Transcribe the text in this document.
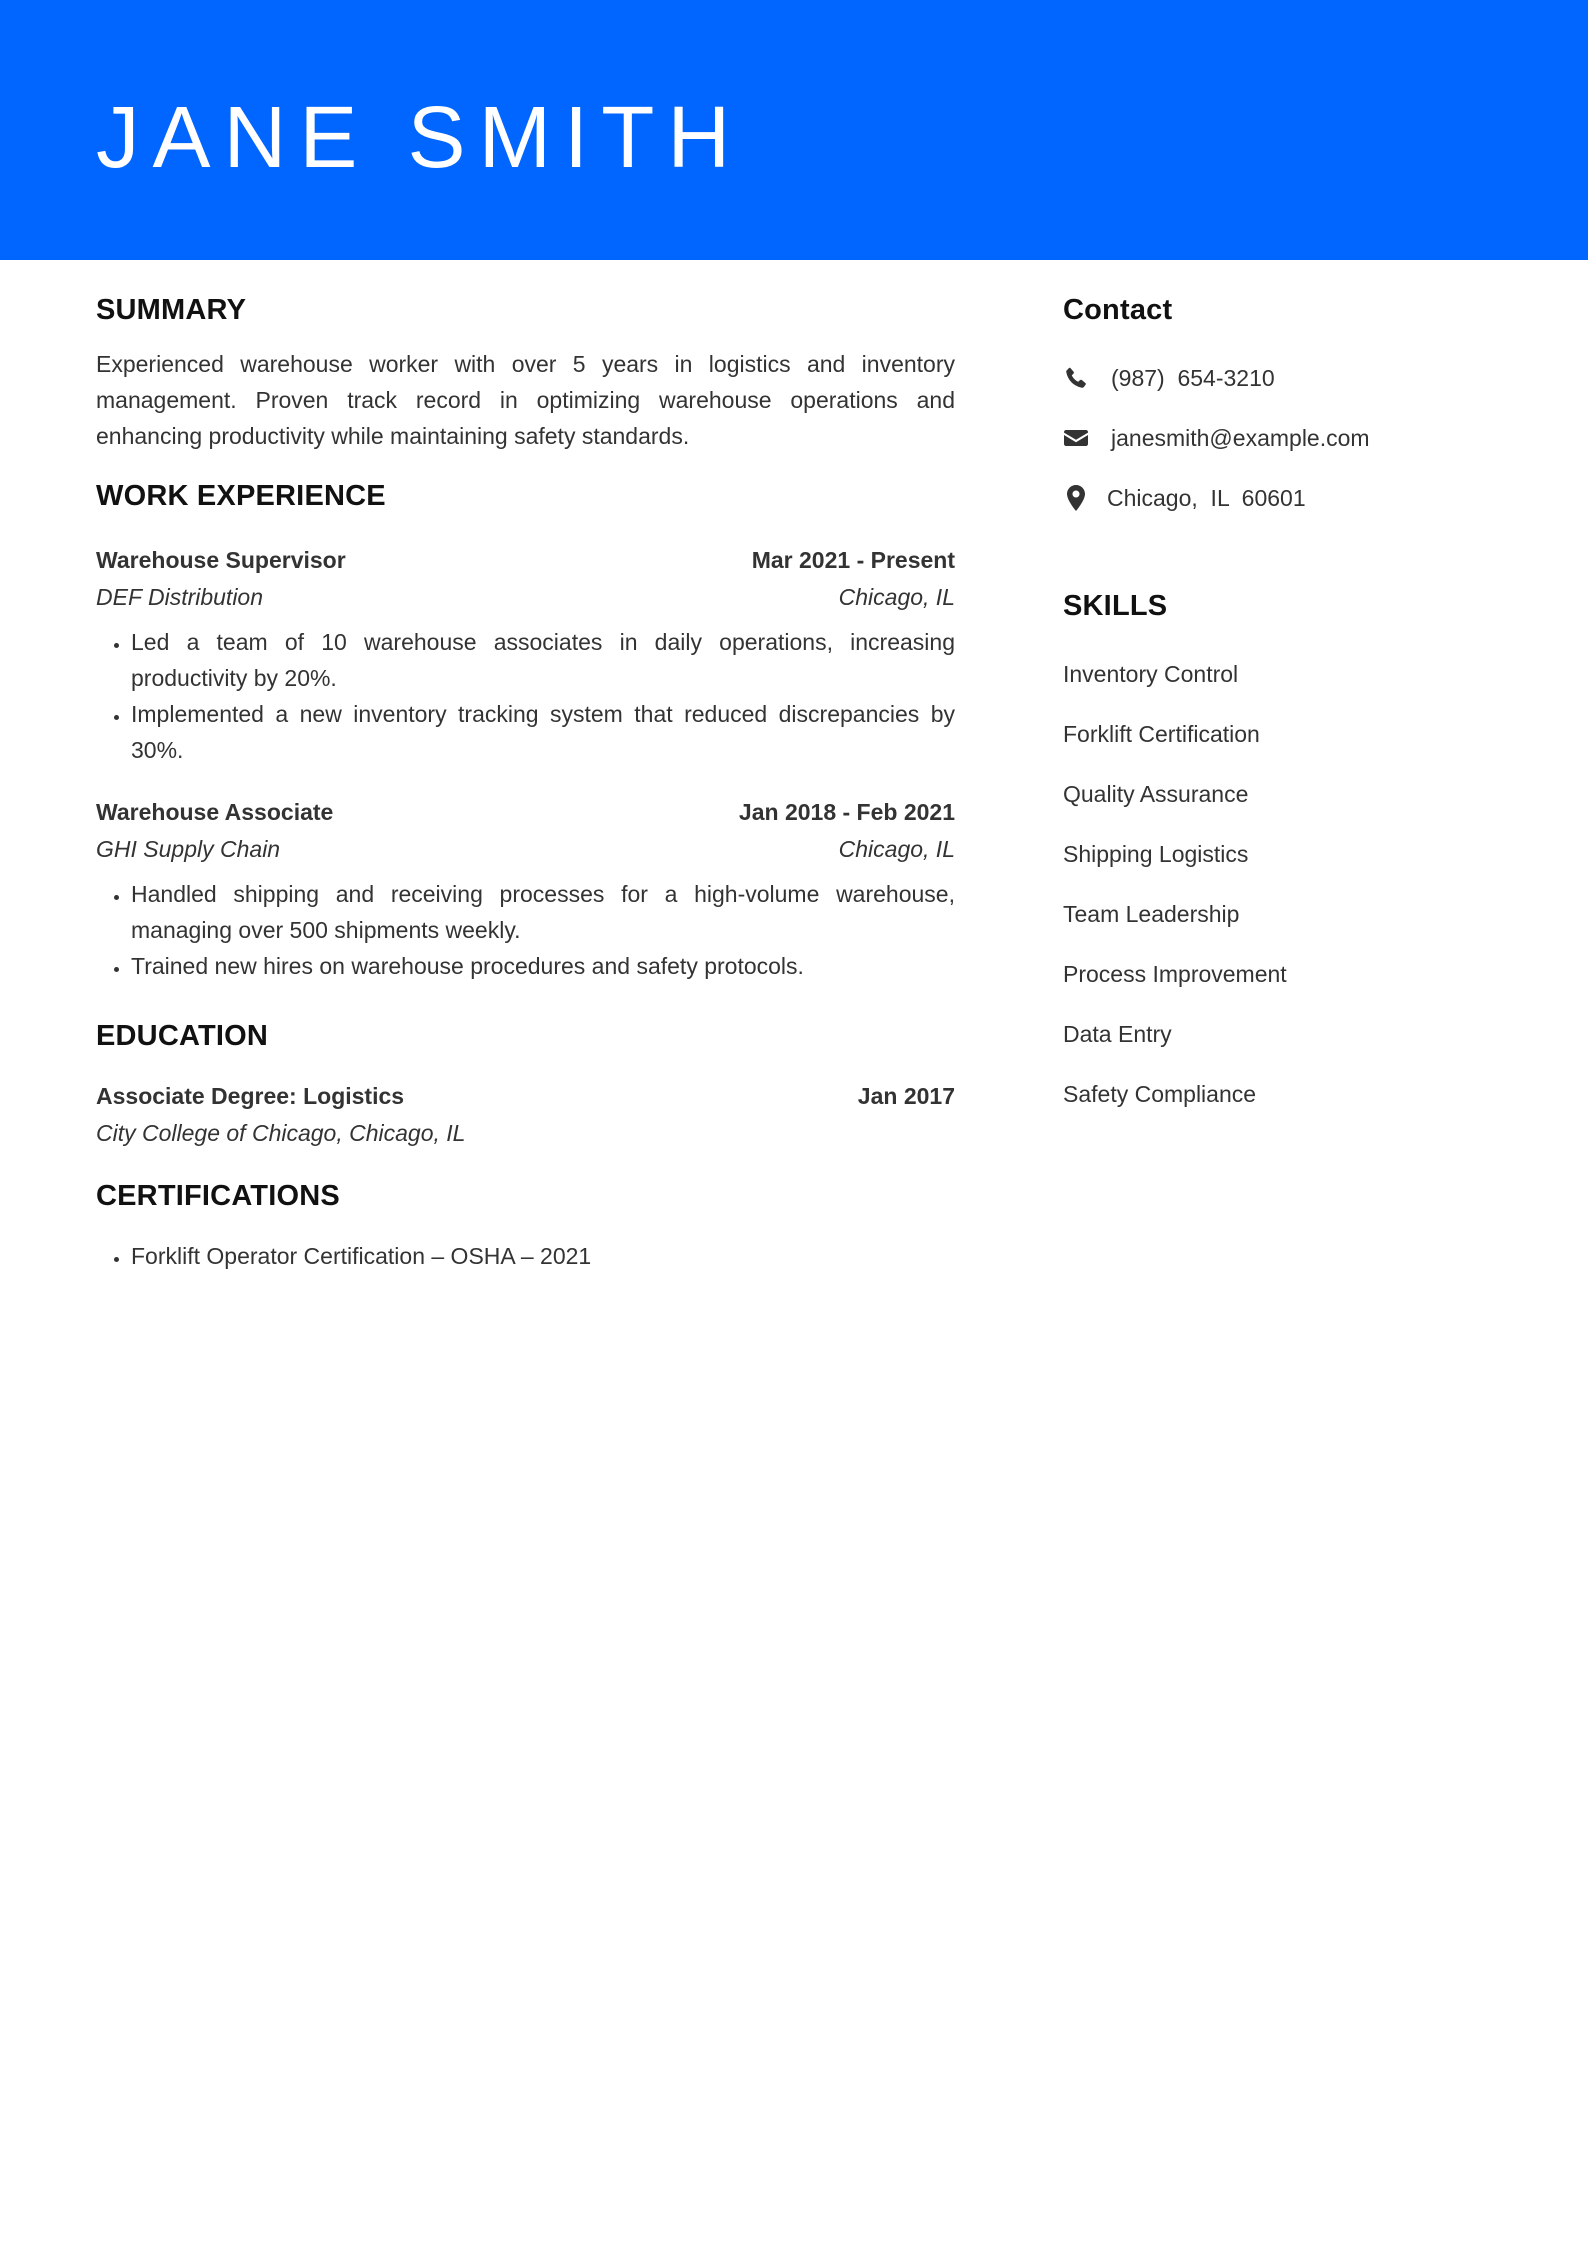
JANE SMITH
SUMMARY

Experienced warehouse worker with over 5 years in logistics and inventory management. Proven track record in optimizing warehouse operations and enhancing productivity while maintaining safety standards.

WORK EXPERIENCE
Warehouse Supervisor	Mar 2021 - Present
DEF Distribution	Chicago, IL
• Led a team of 10 warehouse associates in daily operations, increasing productivity by 20%.
• Implemented a new inventory tracking system that reduced discrepancies by 30%.
Warehouse Associate	Jan 2018 - Feb 2021
GHI Supply Chain	Chicago, IL
• Handled shipping and receiving processes for a high-volume warehouse, managing over 500 shipments weekly.
• Trained new hires on warehouse procedures and safety protocols.
EDUCATION
Associate Degree: Logistics	Jan 2017
City College of Chicago, Chicago, IL
CERTIFICATIONS
• Forklift Operator Certification – OSHA – 2021
Contact
(987)  654-3210
janesmith@example.com
Chicago,  IL  60601
SKILLS
Inventory Control
Forklift Certification
Quality Assurance
Shipping Logistics
Team Leadership
Process Improvement
Data Entry
Safety Compliance
